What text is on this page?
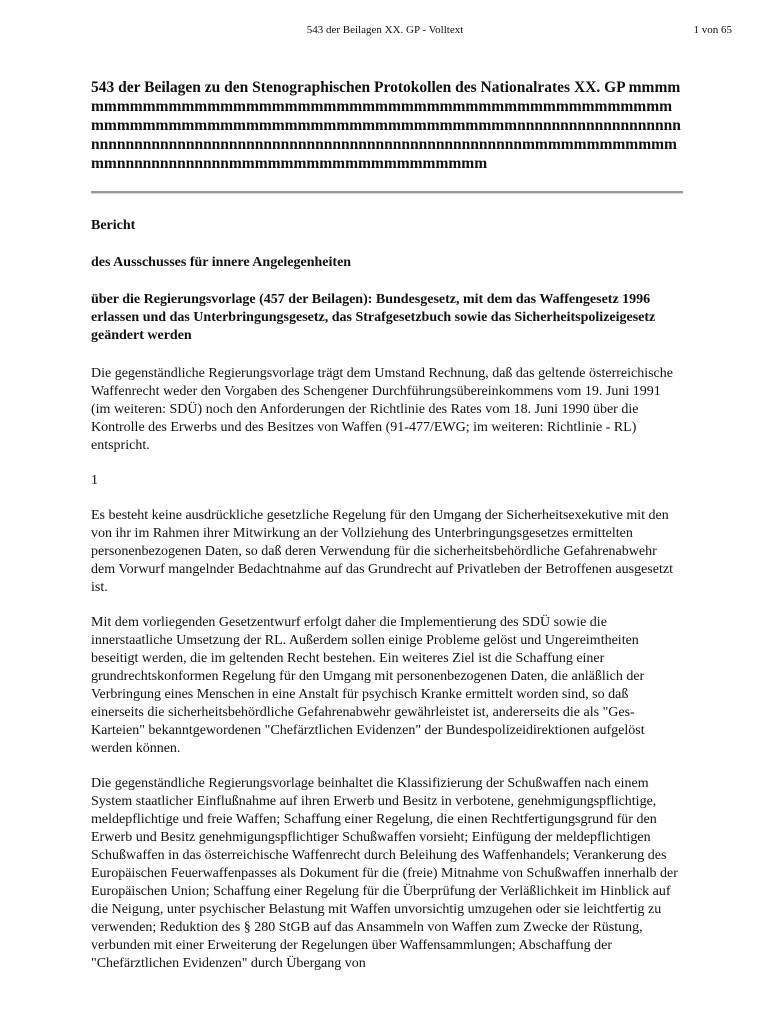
543 der Beilagen XX. GP - Volltext	1 von 65
543 der Beilagen zu den Stenographischen Protokollen des Nationalrates XX. GP mmmmmmmmmmmmmmmmmmmmmmmmmmmmmmmmmmmmmmmmmmmmmmmmmmmmmmmmmmmmmmmmmmmmmmmmmmmmmmmmmmnnnnnnnnnnnnnnnnnnnnnnnnnnnnnnnnnnnnnnnnnnnnnnnnnnnnnnnnnnnnnnnnnnnnnmmmmmmmmmmmmmmnnnnnnnnnnnnnmmmmmmmmmmmmmmmmmmmm
Bericht
des Ausschusses für innere Angelegenheiten
über die Regierungsvorlage (457 der Beilagen): Bundesgesetz, mit dem das Waffengesetz 1996 erlassen und das Unterbringungsgesetz, das Strafgesetzbuch sowie das Sicherheitspolizeigesetz geändert werden
Die gegenständliche Regierungsvorlage trägt dem Umstand Rechnung, daß das geltende österreichische Waffenrecht weder den Vorgaben des Schengener Durchführungsübereinkommens vom 19. Juni 1991 (im weiteren: SDÜ) noch den Anforderungen der Richtlinie des Rates vom 18. Juni 1990 über die Kontrolle des Erwerbs und des Besitzes von Waffen (91-477/EWG; im weiteren: Richtlinie - RL) entspricht.
1
Es besteht keine ausdrückliche gesetzliche Regelung für den Umgang der Sicherheitsexekutive mit den von ihr im Rahmen ihrer Mitwirkung an der Vollziehung des Unterbringungsgesetzes ermittelten personenbezogenen Daten, so daß deren Verwendung für die sicherheitsbehördliche Gefahrenabwehr dem Vorwurf mangelnder Bedachtnahme auf das Grundrecht auf Privatleben der Betroffenen ausgesetzt ist.
Mit dem vorliegenden Gesetzentwurf erfolgt daher die Implementierung des SDÜ sowie die innerstaatliche Umsetzung der RL. Außerdem sollen einige Probleme gelöst und Ungereimtheiten beseitigt werden, die im geltenden Recht bestehen. Ein weiteres Ziel ist die Schaffung einer grundrechtskonformen Regelung für den Umgang mit personenbezogenen Daten, die anläßlich der Verbringung eines Menschen in eine Anstalt für psychisch Kranke ermittelt worden sind, so daß einerseits die sicherheitsbehördliche Gefahrenabwehr gewährleistet ist, andererseits die als "Ges-Karteien" bekanntgewordenen "Chefärztlichen Evidenzen" der Bundespolizeidirektionen aufgelöst werden können.
Die gegenständliche Regierungsvorlage beinhaltet die Klassifizierung der Schußwaffen nach einem System staatlicher Einflußnahme auf ihren Erwerb und Besitz in verbotene, genehmigungspflichtige, meldepflichtige und freie Waffen; Schaffung einer Regelung, die einen Rechtfertigungsgrund für den Erwerb und Besitz genehmigungspflichtiger Schußwaffen vorsieht; Einfügung der meldepflichtigen Schußwaffen in das österreichische Waffenrecht durch Beleihung des Waffenhandels; Verankerung des Europäischen Feuerwaffenpasses als Dokument für die (freie) Mitnahme von Schußwaffen innerhalb der Europäischen Union; Schaffung einer Regelung für die Überprüfung der Verläßlichkeit im Hinblick auf die Neigung, unter psychischer Belastung mit Waffen unvorsichtig umzugehen oder sie leichtfertig zu verwenden; Reduktion des § 280 StGB auf das Ansammeln von Waffen zum Zwecke der Rüstung, verbunden mit einer Erweiterung der Regelungen über Waffensammlungen; Abschaffung der "Chefärztlichen Evidenzen" durch Übergang von
